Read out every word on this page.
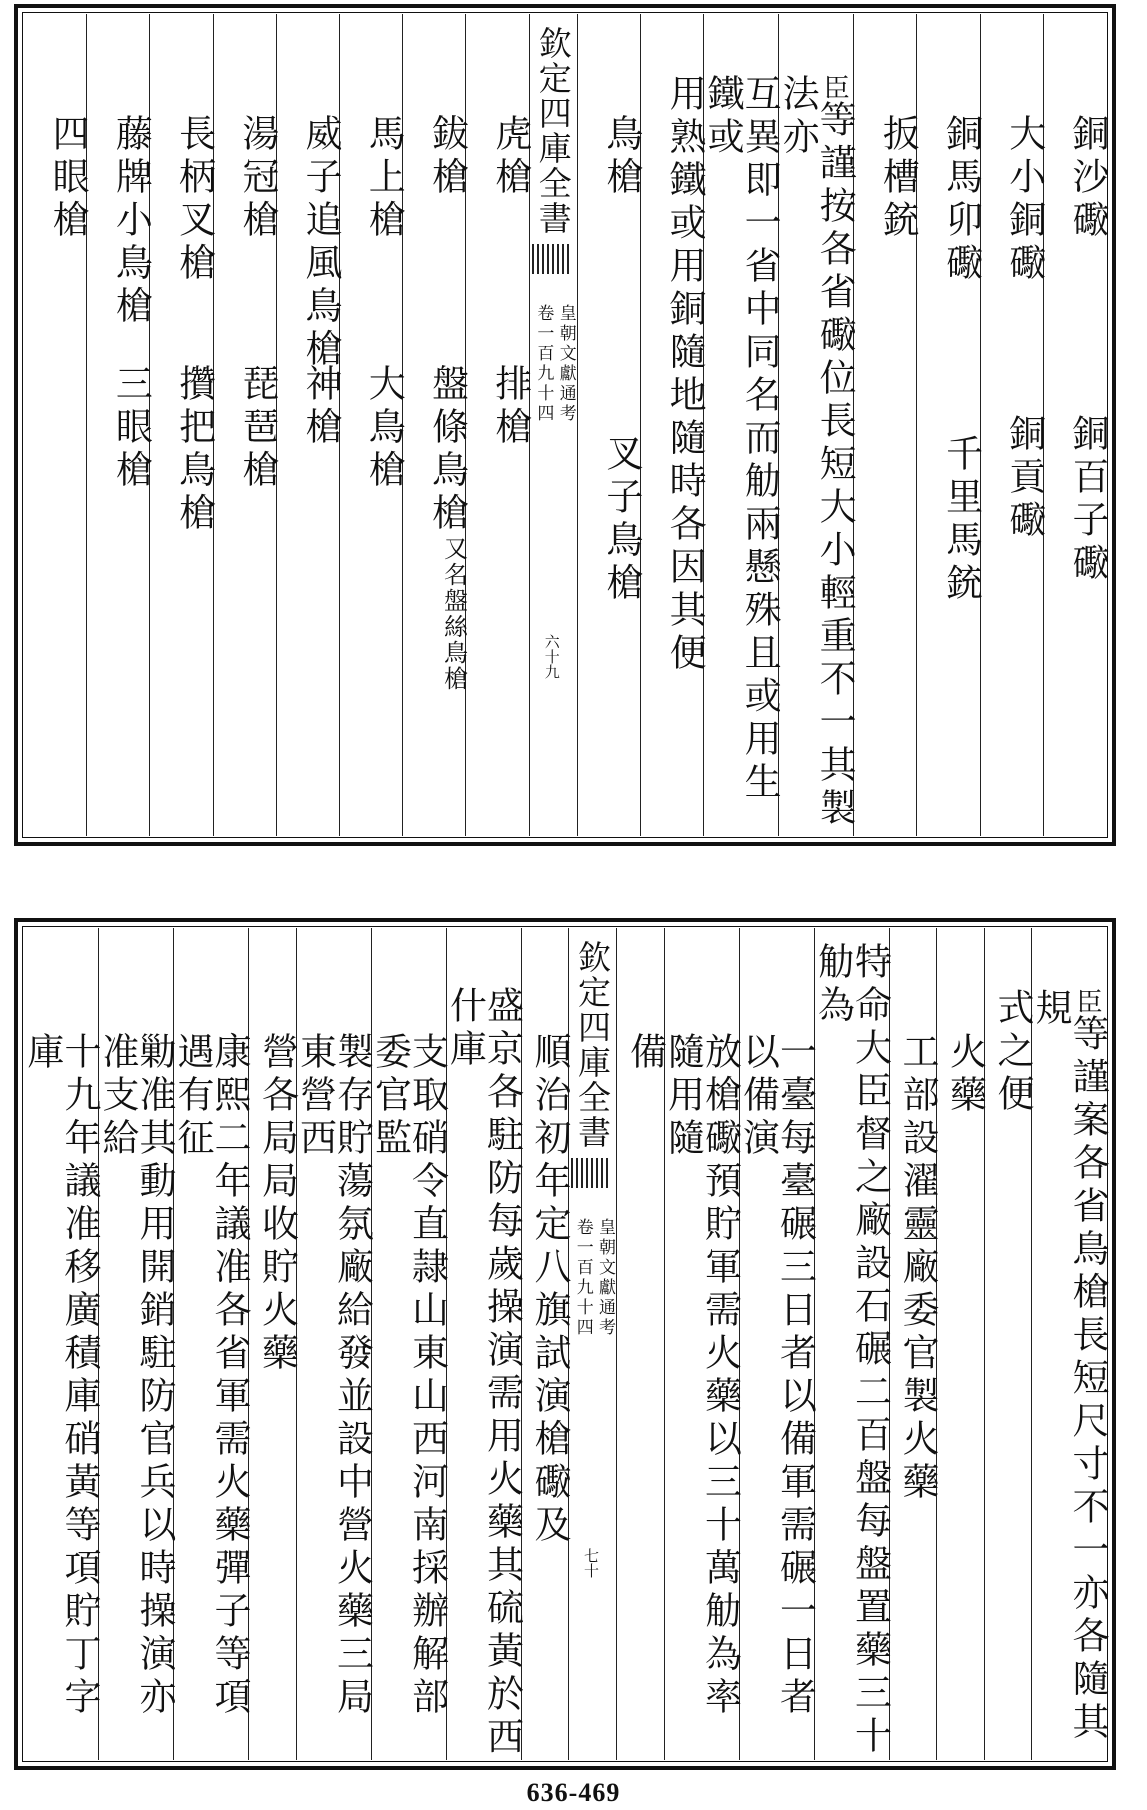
銅沙礮
銅百子礮
大小銅礮
銅貢礮
銅馬卯礮
千里馬銃
扳槽銃
臣等謹按各省礮位長短大小輕重不一其製法亦
互異即一省中同名而觔兩懸殊且或用生鐵或
用熟鐵或用銅隨地隨時各因其便
鳥槍
叉子鳥槍
欽定四庫全書
皇朝文獻通考
卷一百九十四
六十九
虎槍
排槍
鈸槍
盤條鳥槍
又名盤絲鳥槍
馬上槍
大鳥槍
威子追風鳥槍
神槍
湯冠槍
琵琶槍
長柄叉槍
攢把鳥槍
藤牌小鳥槍
三眼槍
四眼槍
臣等謹案各省鳥槍長短尺寸不一亦各隨其規
式之便
火藥
工部設濯靈廠委官製火藥
特命大臣督之廠設石碾二百盤每盤置藥三十觔為
一臺每臺碾三日者以備軍需碾一日者以備演
放槍礮預貯軍需火藥以三十萬觔為率隨用隨
備
欽定四庫全書
皇朝文獻通考
卷一百九十四
七十
順治初年定八旗試演槍礮及
盛京各駐防每歲操演需用火藥其硫黃於西什庫
支取硝令直隷山東山西河南採辦解部委官監
製存貯蕩氛廠給發並設中營火藥三局東營西
營各局局收貯火藥
康熙二年議准各省軍需火藥彈子等項遇有征
勦准其動用開銷駐防官兵以時操演亦准支給
十九年議准移廣積庫硝黃等項貯丁字庫
636-469
